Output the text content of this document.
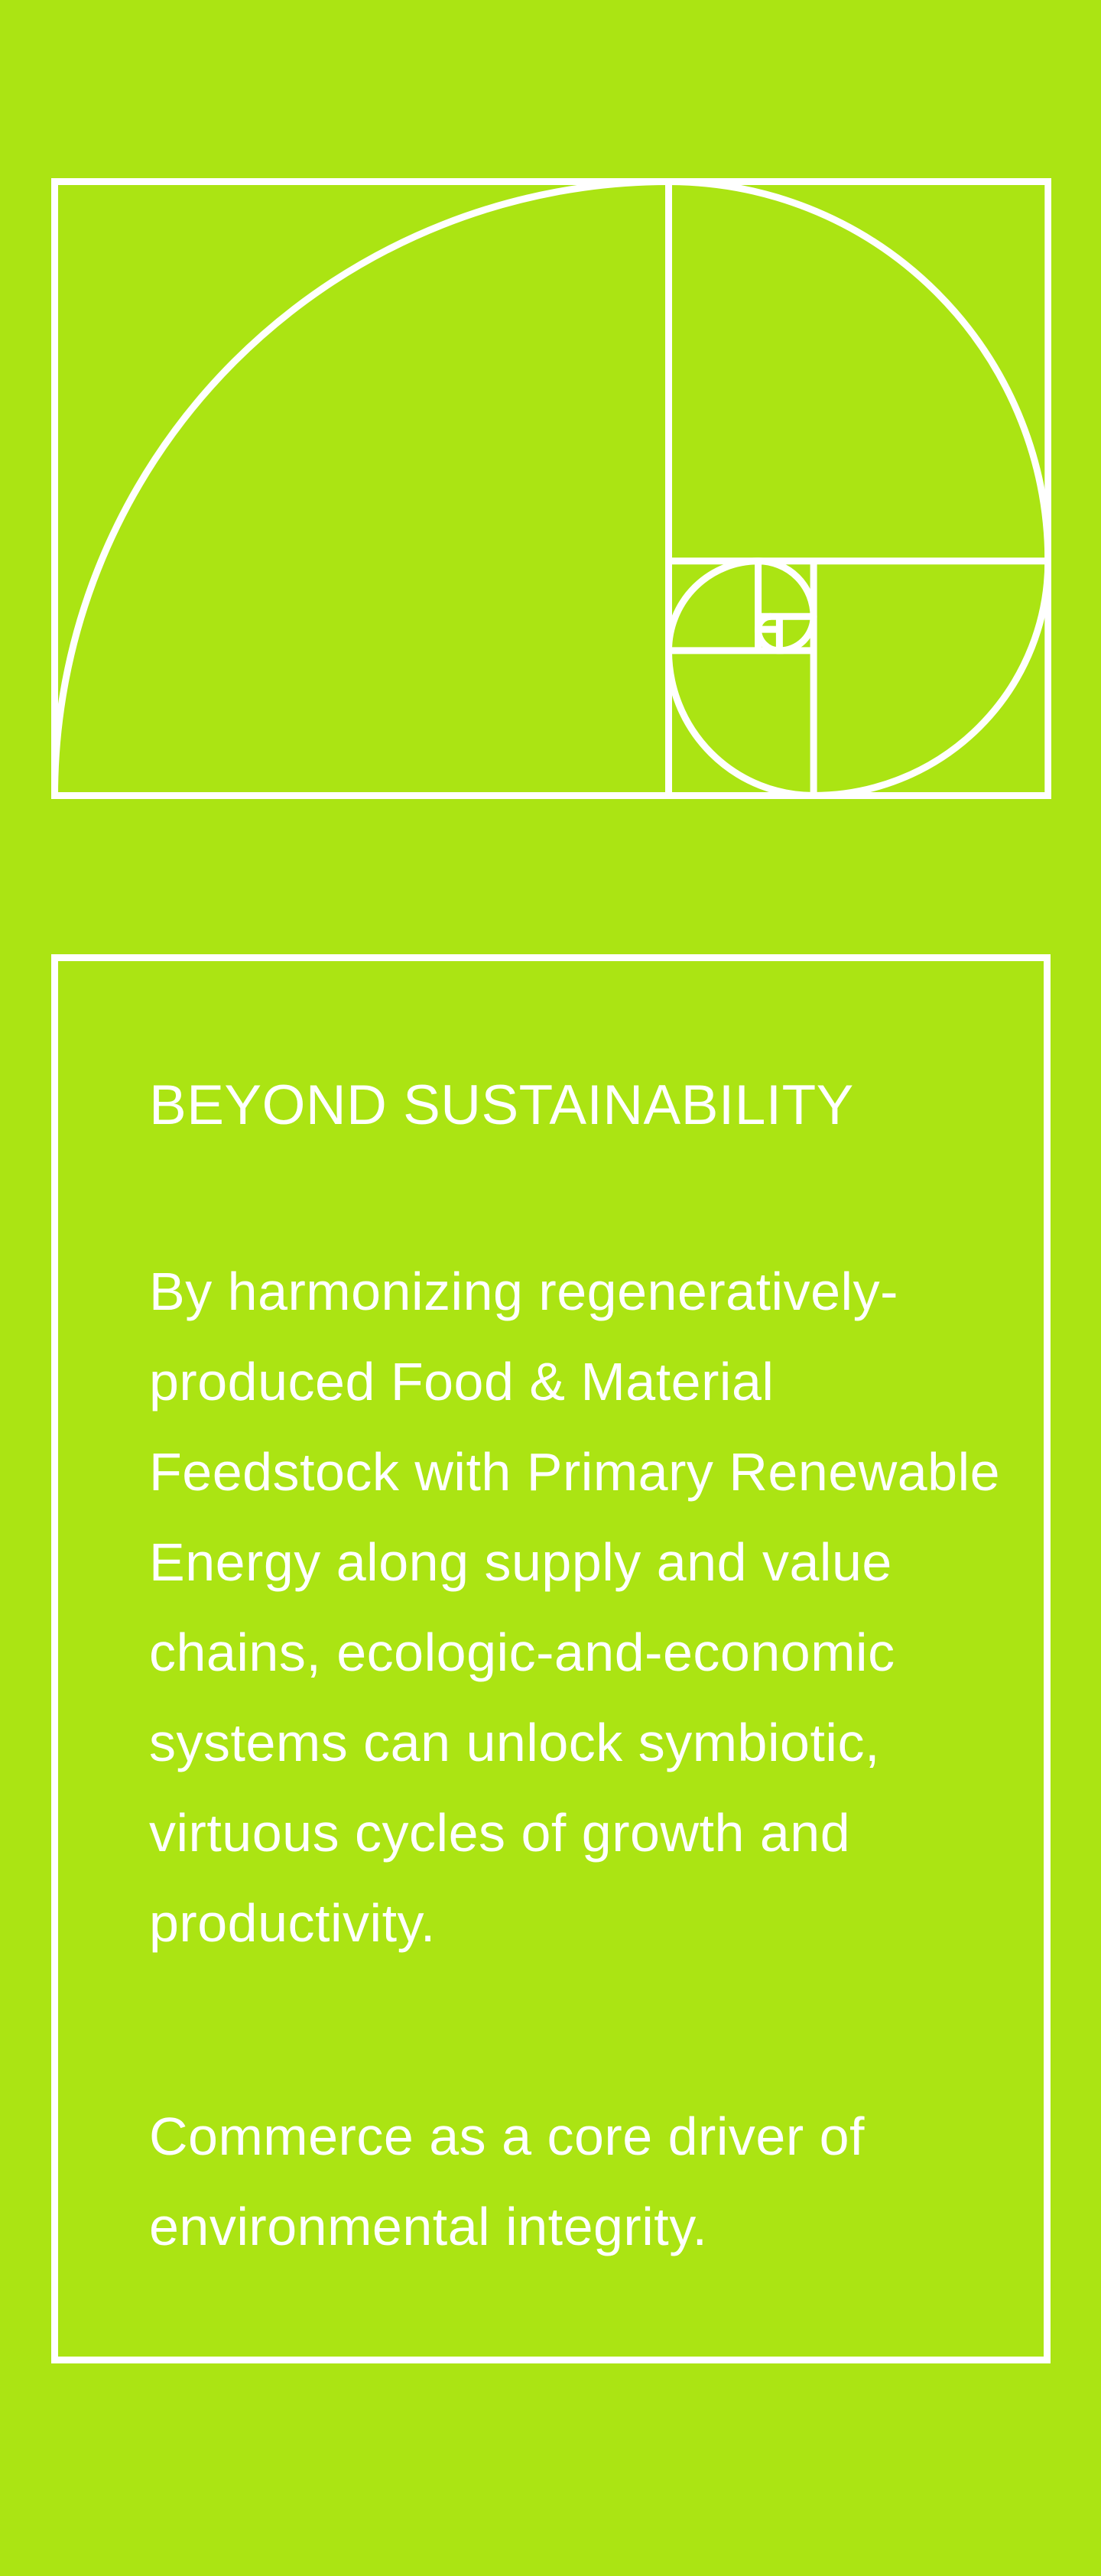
BEYOND SUSTAINABILITY
By harmonizing regeneratively-
produced Food & Material
Feedstock with Primary Renewable
Energy along supply and value
chains, ecologic-and-economic
systems can unlock symbiotic,
virtuous cycles of growth and
productivity.
Commerce as a core driver of
environmental integrity.
